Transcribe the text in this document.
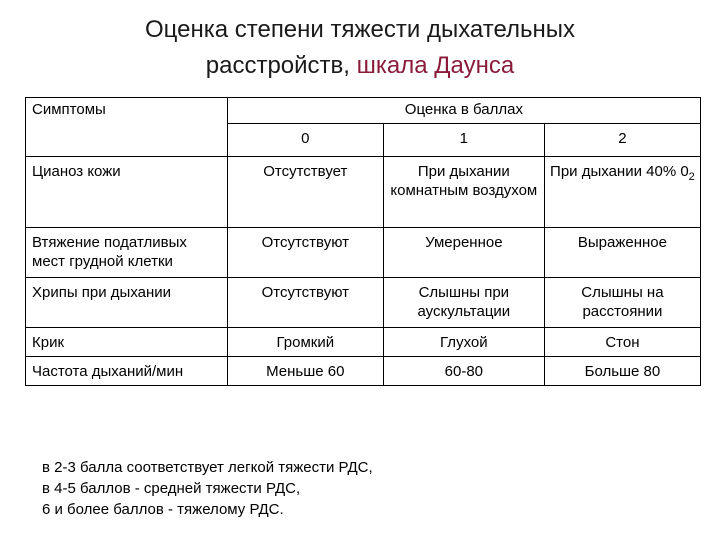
Оценка степени тяжести дыхательных
расстройств, шкала Даунса
Симптомы	Оценка в баллах		
	0	1	2
Цианоз кожи	Отсутствует	При дыхании комнатным воздухом	При дыхании 40% $0_2$
Втяжение податливых мест грудной клетки	Отсутствуют	Умеренное	Выраженное
Хрипы при дыхании	Отсутствуют	Слышны при аускультации	Слышны на расстоянии
Крик	Громкий	Глухой	Стон
Частота дыханий/мин	Меньше 60	60-80	Больше 80
в 2-3 балла соответствует легкой тяжести РДС,
в 4-5 баллов - средней тяжести РДС,
6 и более баллов - тяжелому РДС.
